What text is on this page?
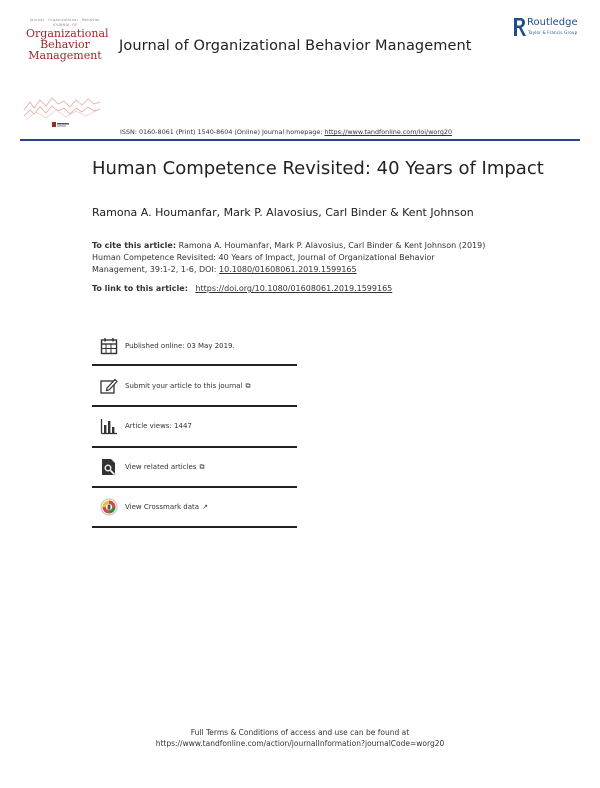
Journal · Organizational · Behavior
JOURNAL OF
Organizational
Behavior
Management
Journal of Organizational Behavior Management
Routledge
Taylor & Francis Group
ISSN: 0160-8061 (Print) 1540-8604 (Online) Journal homepage: https://www.tandfonline.com/loi/worg20
Human Competence Revisited: 40 Years of Impact
Ramona A. Houmanfar, Mark P. Alavosius, Carl Binder & Kent Johnson
To cite this article: Ramona A. Houmanfar, Mark P. Alavosius, Carl Binder & Kent Johnson (2019) Human Competence Revisited: 40 Years of Impact, Journal of Organizational Behavior Management, 39:1-2, 1-6, DOI: 10.1080/01608061.2019.1599165
To link to this article: https://doi.org/10.1080/01608061.2019.1599165
Published online: 03 May 2019.
Submit your article to this journal ⧉
Article views: 1447
View related articles ⧉
View Crossmark data ↗
Full Terms & Conditions of access and use can be found at
https://www.tandfonline.com/action/journalInformation?journalCode=worg20
